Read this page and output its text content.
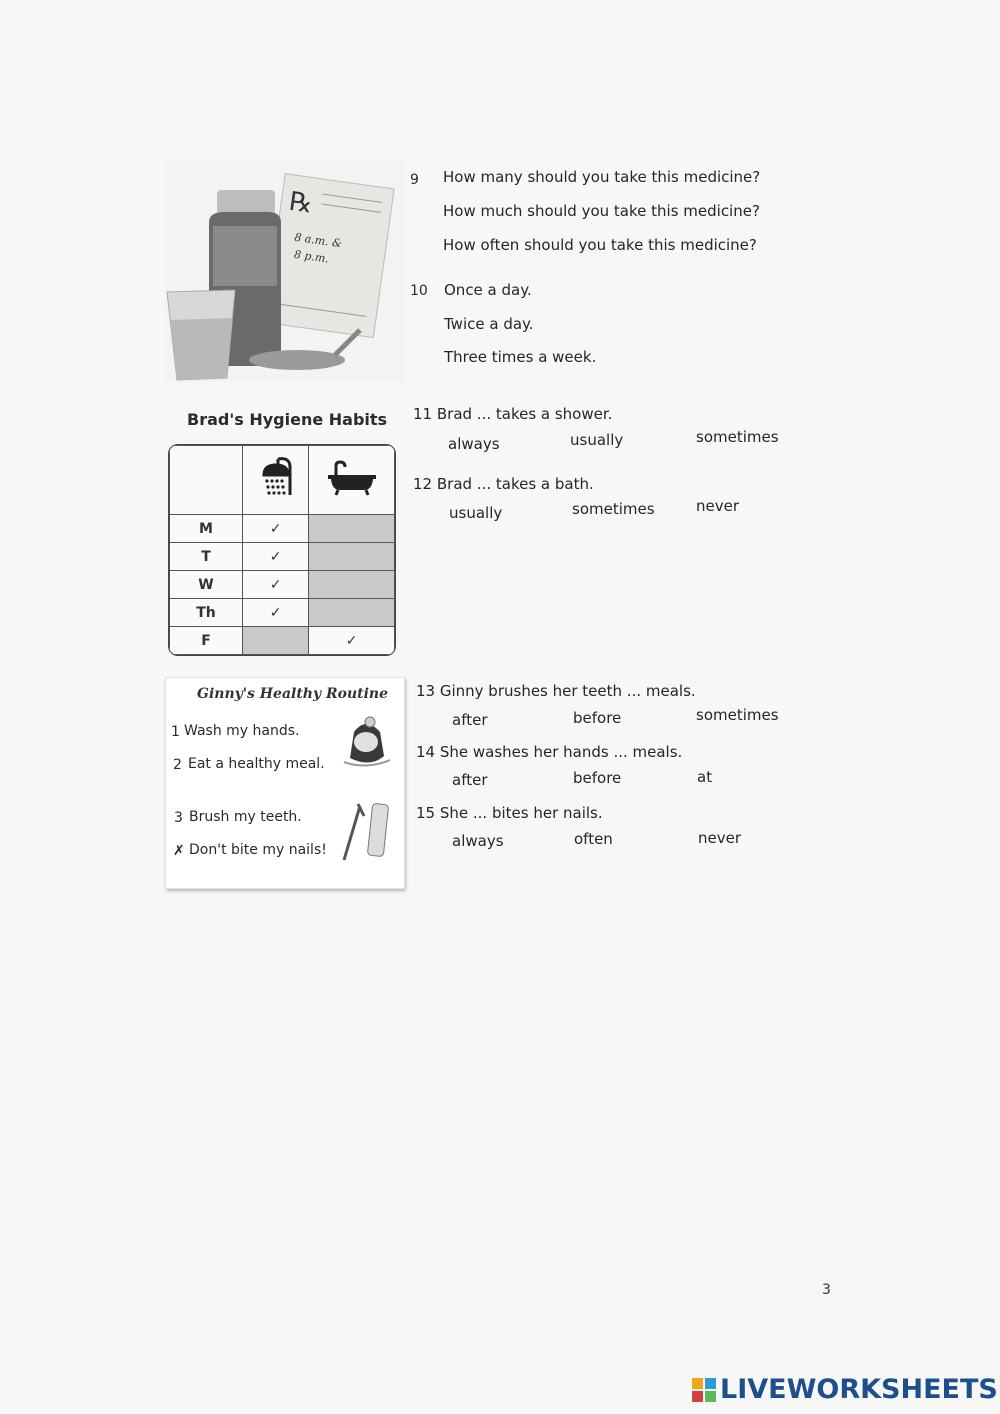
℞
8 a.m. &
8 p.m.
9 How many should you take this medicine?
How much should you take this medicine?
How often should you take this medicine?
10 Once a day.
Twice a day.
Three times a week.
Brad's Hygiene Habits

M	✓	
T	✓	
W	✓	
Th	✓	
F		✓
11 Brad ... takes a shower.
always	usually	sometimes
12 Brad ... takes a bath.
usually	sometimes	never
Ginny's Healthy Routine
1 Wash my hands.
2 Eat a healthy meal.
3 Brush my teeth.
✗ Don't bite my nails!
13 Ginny brushes her teeth ... meals.
after	before	sometimes
14 She washes her hands ... meals.
after	before	at
15 She ... bites her nails.
always	often	never
3
LIVEWORKSHEETS
